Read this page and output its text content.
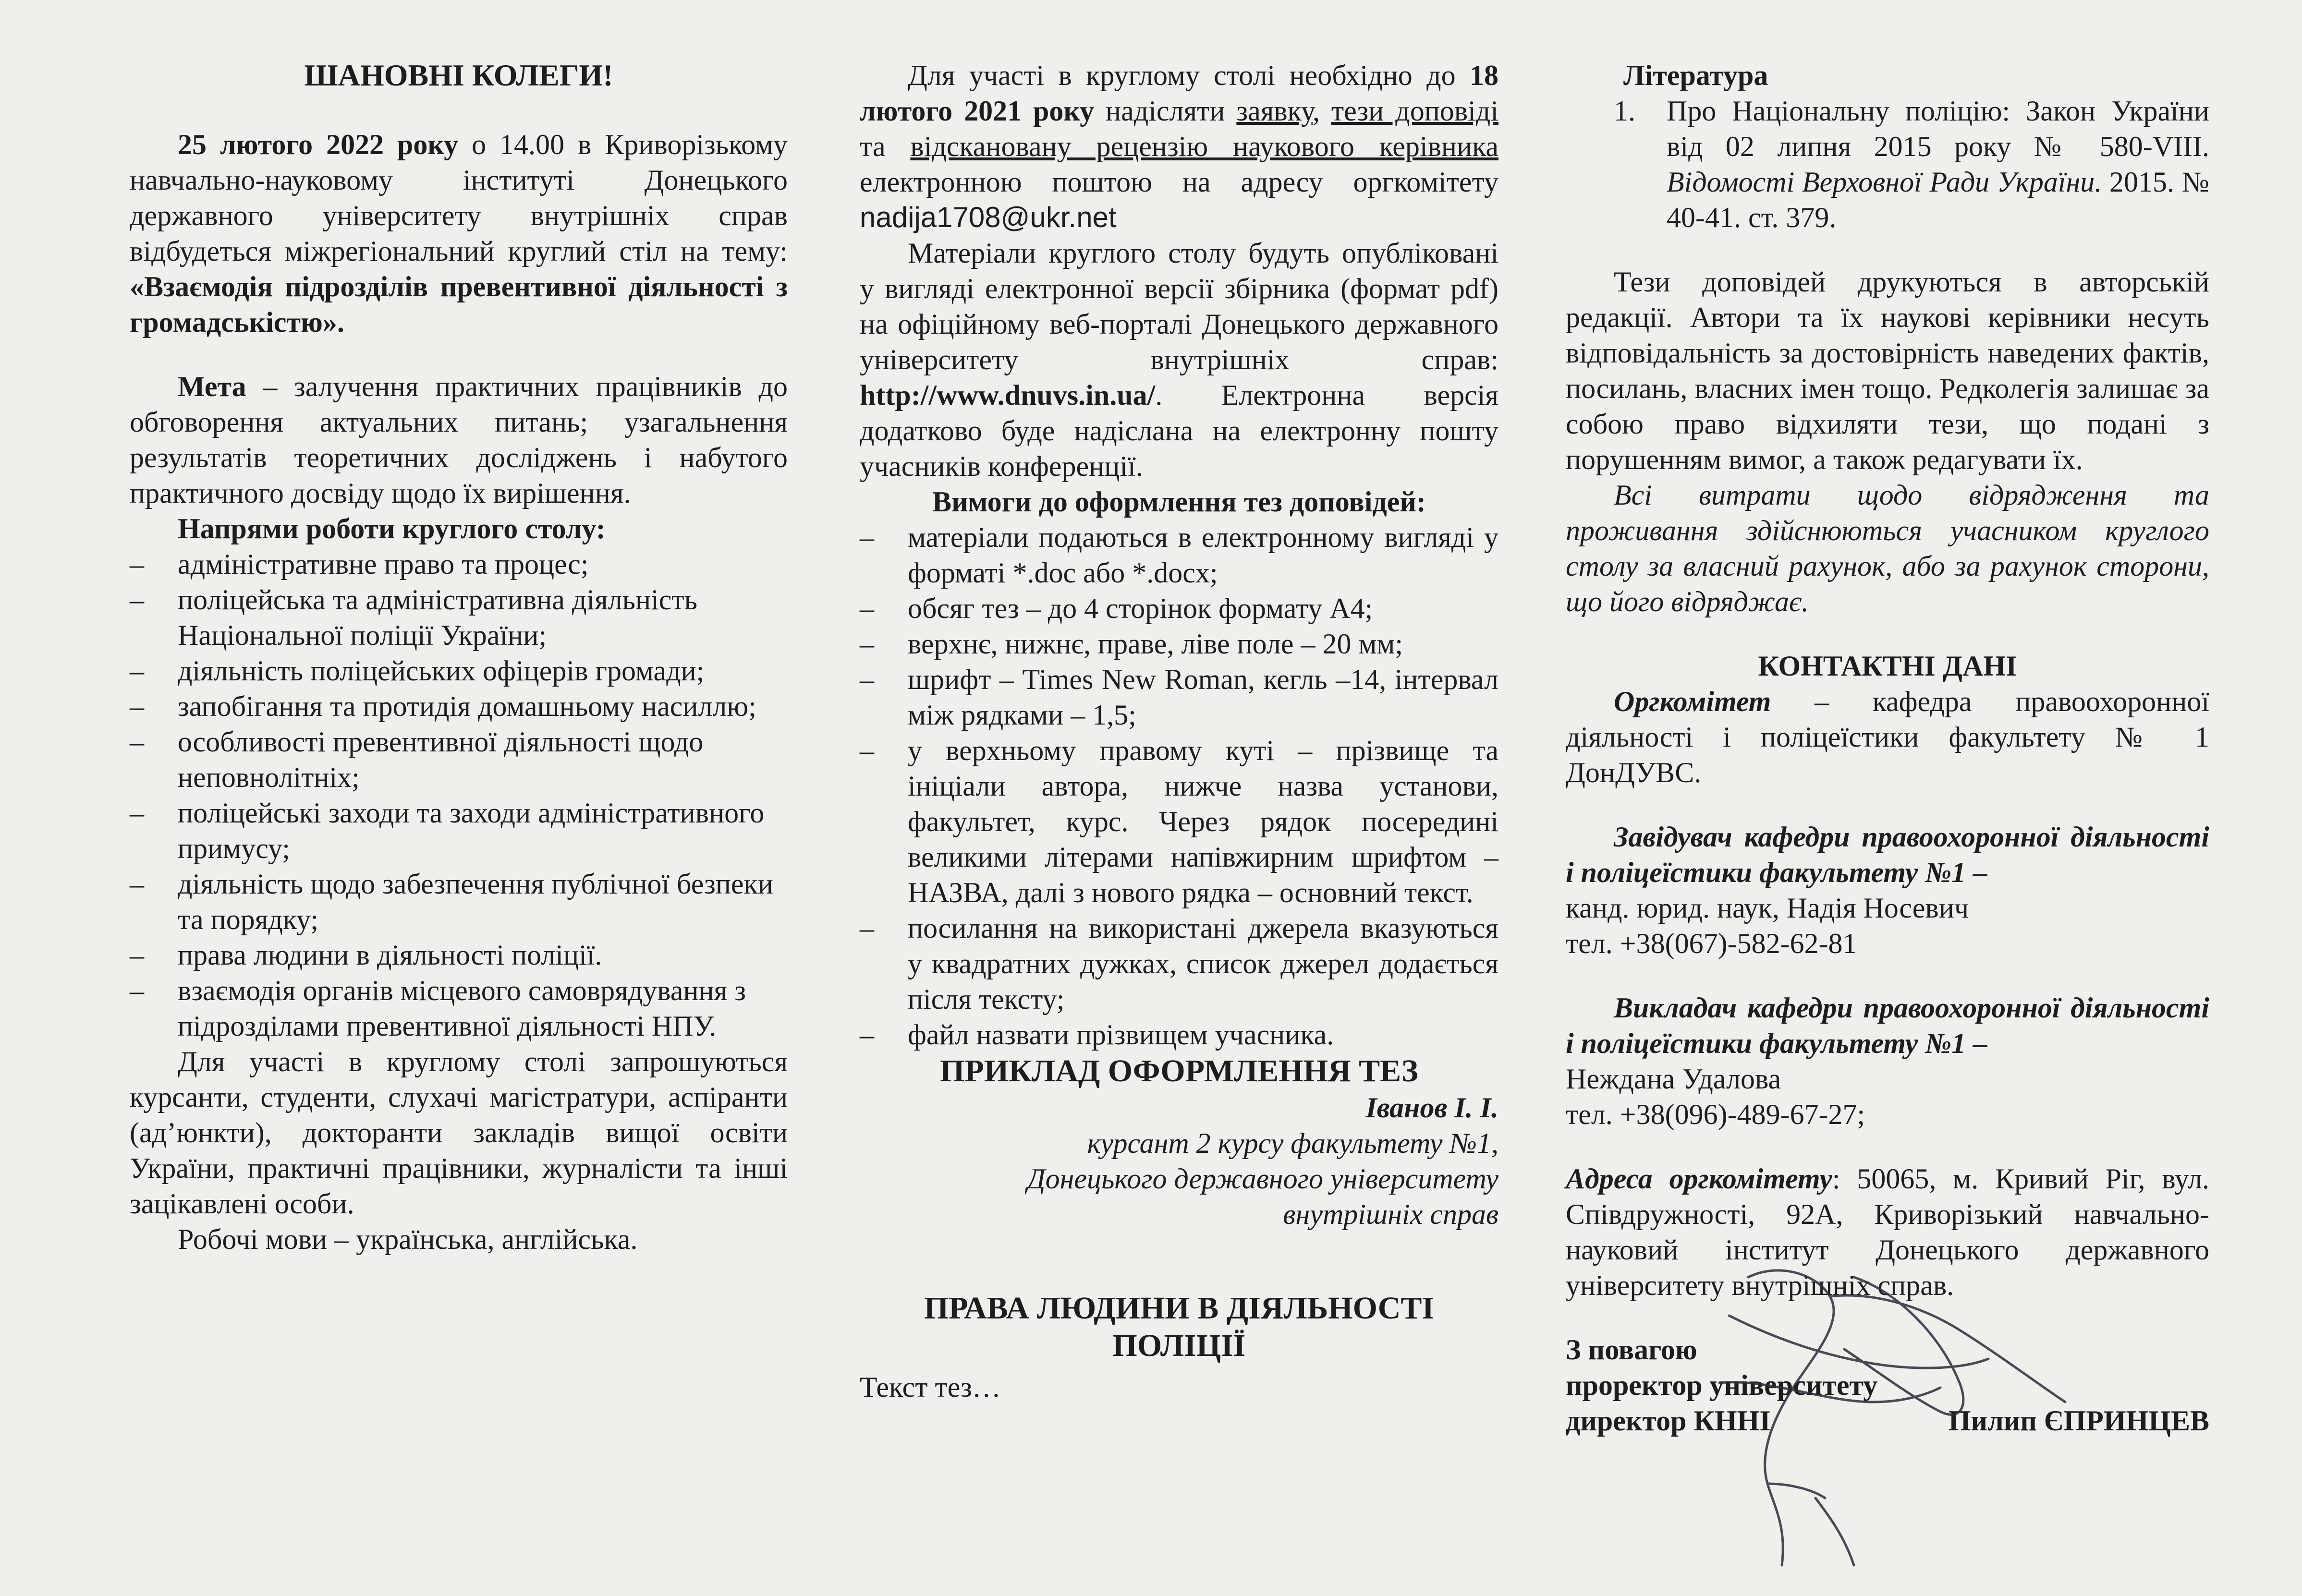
ШАНОВНІ КОЛЕГИ!

25 лютого 2022 року о 14.00 в Криворізькому навчально-науковому інституті Донецького державного університету внутрішніх справ відбудеться міжрегіональний круглий стіл на тему: «Взаємодія підрозділів превентивної діяльності з громадськістю».

Мета – залучення практичних працівників до обговорення актуальних питань; узагальнення результатів теоретичних досліджень і набутого практичного досвіду щодо їх вирішення.

Напрями роботи круглого столу:

– адміністративне право та процес;
– поліцейська та адміністративна діяльність Національної поліції України;
– діяльність поліцейських офіцерів громади;
– запобігання та протидія домашньому насиллю;
– особливості превентивної діяльності щодо неповнолітніх;
– поліцейські заходи та заходи адміністративного примусу;
– діяльність щодо забезпечення публічної безпеки та порядку;
– права людини в діяльності поліції.
– взаємодія органів місцевого самоврядування з підрозділами превентивної діяльності НПУ.

Для участі в круглому столі запрошуються курсанти, студенти, слухачі магістратури, аспіранти (ад’юнкти), докторанти закладів вищої освіти України, практичні працівники, журналісти та інші зацікавлені особи.

Робочі мови – українська, англійська.

Для участі в круглому столі необхідно до 18 лютого 2021 року надісляти заявку, тези доповіді та відскановану рецензію наукового керівника електронною поштою на адресу оргкомітету nadija1708@ukr.net

Матеріали круглого столу будуть опубліковані у вигляді електронної версії збірника (формат pdf) на офіційному веб-порталі Донецького державного університету внутрішніх справ: http://www.dnuvs.in.ua/. Електронна версія додатково буде надіслана на електронну пошту учасників конференції.

Вимоги до оформлення тез доповідей:

– матеріали подаються в електронному вигляді у форматі *.doc або *.docx;
– обсяг тез – до 4 сторінок формату А4;
– верхнє, нижнє, праве, ліве поле – 20 мм;
– шрифт – Times New Roman, кегль –14, інтервал між рядками – 1,5;
– у верхньому правому куті – прізвище та ініціали автора, нижче назва установи, факультет, курс. Через рядок посередині великими літерами напівжирним шрифтом – НАЗВА, далі з нового рядка – основний текст.
– посилання на використані джерела вказуються у квадратних дужках, список джерел додається після тексту;
– файл назвати прізвищем учасника.

ПРИКЛАД ОФОРМЛЕННЯ ТЕЗ

Іванов І. І.

курсант 2 курсу факультету №1,

Донецького державного університету

внутрішніх справ

ПРАВА ЛЮДИНИ В ДІЯЛЬНОСТІ

ПОЛІЦІЇ

Текст тез…

Література

1. Про Національну поліцію: Закон України від 02 липня 2015 року № 580-VIII. Відомості Верховної Ради України. 2015. № 40-41. ст. 379.

Тези доповідей друкуються в авторській редакції. Автори та їх наукові керівники несуть відповідальність за достовірність наведених фактів, посилань, власних імен тощо. Редколегія залишає за собою право відхиляти тези, що подані з порушенням вимог, а також редагувати їх.

Всі витрати щодо відрядження та проживання здійснюються учасником круглого столу за власний рахунок, або за рахунок сторони, що його відряджає.

КОНТАКТНІ ДАНІ

Оргкомітет – кафедра правоохоронної діяльності і поліцеїстики факультету № 1 ДонДУВС.

Завідувач кафедри правоохоронної діяльності і поліцеїстики факультету №1 –

канд. юрид. наук, Надія Носевич

тел. +38(067)-582-62-81

Викладач кафедри правоохоронної діяльності і поліцеїстики факультету №1 –

Нежданa Удалова

тел. +38(096)-489-67-27;

Адреса оргкомітету: 50065, м. Кривий Ріг, вул. Співдружності, 92А, Криворізький навчально-науковий інститут Донецького державного університету внутрішніх справ.

З повагою

проректор університету

директор КННІ	Пилип ЄПРИНЦЕВ
